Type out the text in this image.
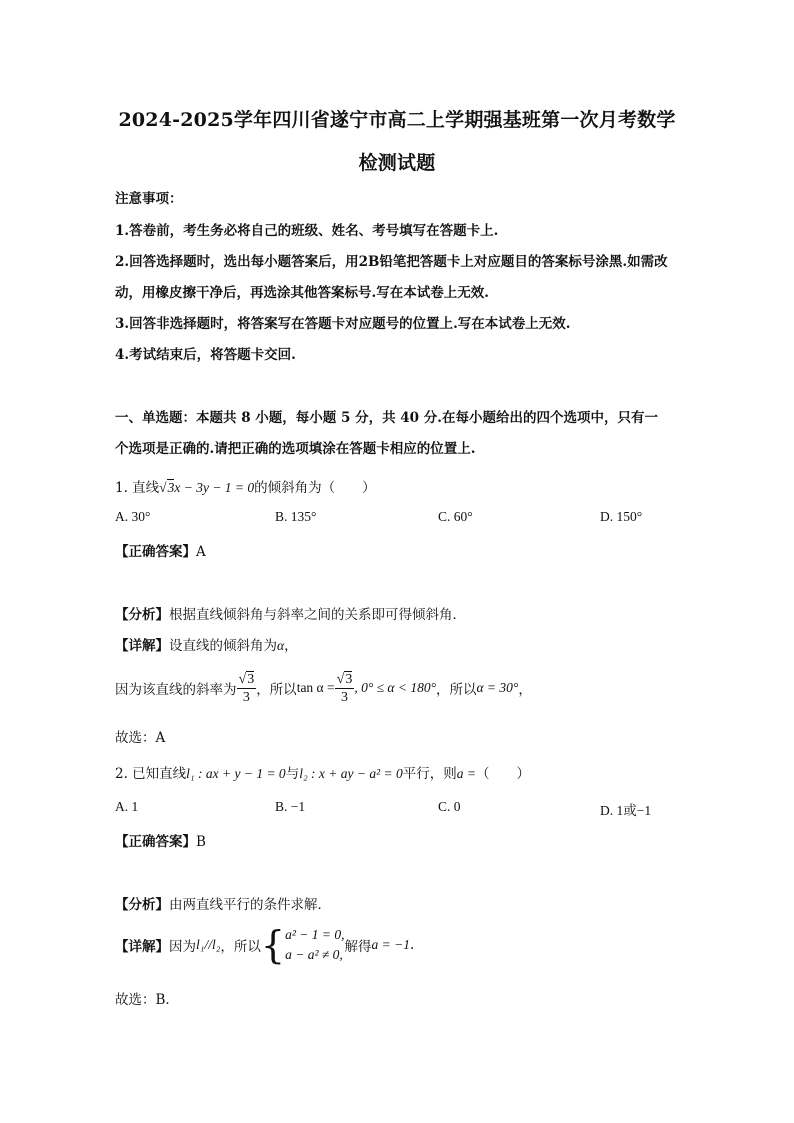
2024-2025学年四川省遂宁市高二上学期强基班第一次月考数学
检测试题
注意事项：
1.答卷前，考生务必将自己的班级、姓名、考号填写在答题卡上.
2.回答选择题时，选出每小题答案后，用2B铅笔把答题卡上对应题目的答案标号涂黑.如需改
动，用橡皮擦干净后，再选涂其他答案标号.写在本试卷上无效.
3.回答非选择题时，将答案写在答题卡对应题号的位置上.写在本试卷上无效.
4.考试结束后，将答题卡交回.
一、单选题：本题共 8 小题，每小题 5 分，共 40 分.在每小题给出的四个选项中，只有一
个选项是正确的.请把正确的选项填涂在答题卡相应的位置上.
1. 直线√3x − 3y − 1 = 0的倾斜角为（　　）
A. 30°	B. 135°	C. 60°	D. 150°
【正确答案】A
【分析】根据直线倾斜角与斜率之间的关系即可得倾斜角．
【详解】设直线的倾斜角为α，
因为该直线的斜率为 $\frac{√3}{3}$ ，所以 $\tan \alpha = \frac{√3}{3}$ , 0° ≤ α < 180° ，所以 α = 30° ，
故选：A
2. 已知直线l₁ : ax + y − 1 = 0与l₂ : x + ay − a² = 0平行，则a =（　　）
A. 1	B. −1	C. 0	D. 1或−1
【正确答案】B
【分析】由两直线平行的条件求解．
【详解】 因为 l₁//l₂ ，所以 { a² − 1 = 0,
a − a² ≠ 0, 解得 a = −1 .
故选：B．
